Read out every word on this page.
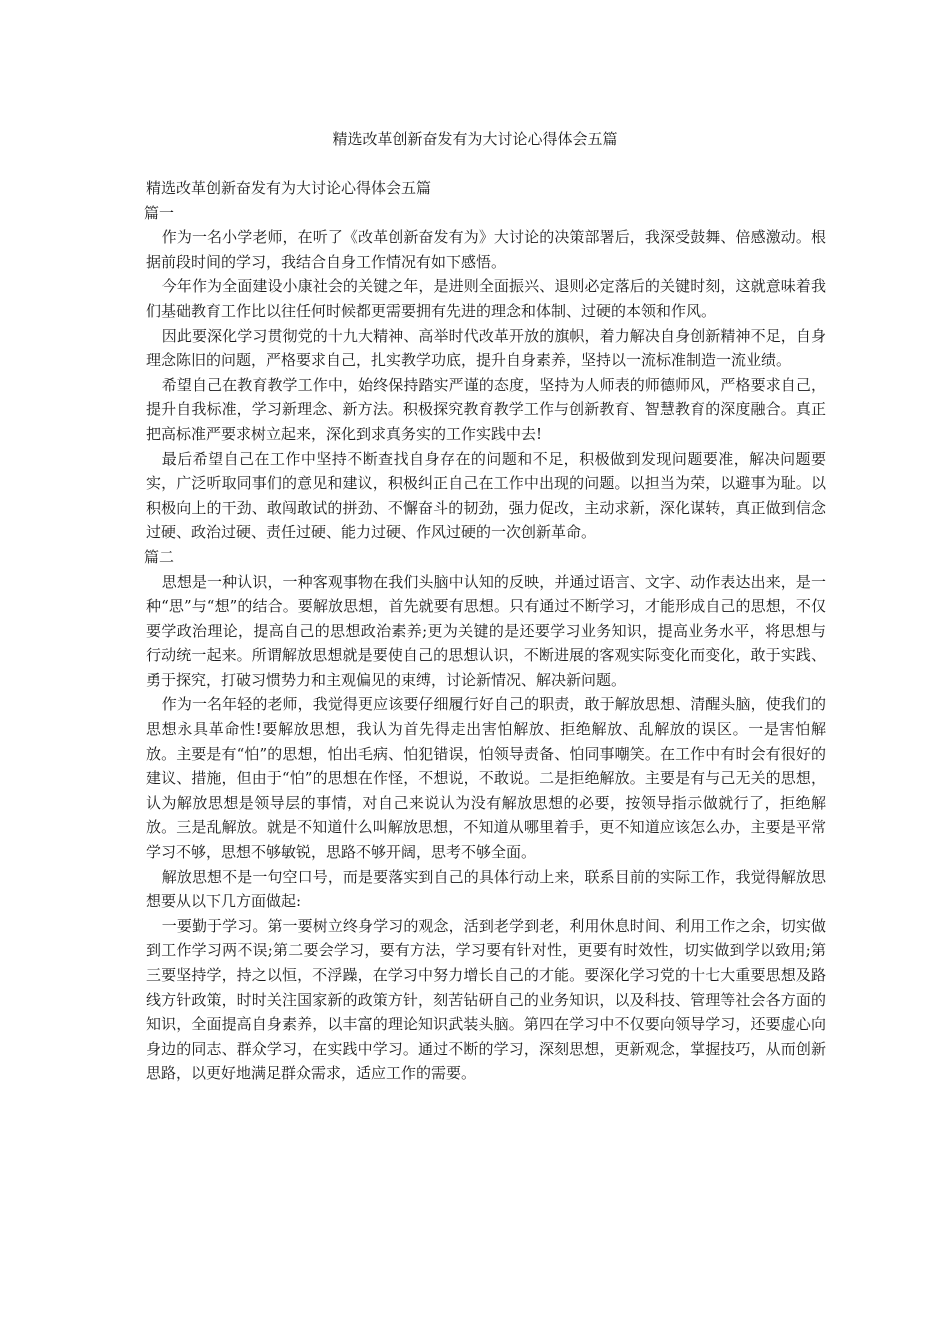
精选改革创新奋发有为大讨论心得体会五篇

精选改革创新奋发有为大讨论心得体会五篇

篇一

作为一名小学老师，在听了《改革创新奋发有为》大讨论的决策部署后，我深受鼓舞、倍感激动。根据前段时间的学习，我结合自身工作情况有如下感悟。

今年作为全面建设小康社会的关键之年，是进则全面振兴、退则必定落后的关键时刻，这就意味着我们基础教育工作比以往任何时候都更需要拥有先进的理念和体制、过硬的本领和作风。

因此要深化学习贯彻党的十九大精神、高举时代改革开放的旗帜，着力解决自身创新精神不足，自身理念陈旧的问题，严格要求自己，扎实教学功底，提升自身素养，坚持以一流标准制造一流业绩。

希望自己在教育教学工作中，始终保持踏实严谨的态度，坚持为人师表的师德师风，严格要求自己，提升自我标准，学习新理念、新方法。积极探究教育教学工作与创新教育、智慧教育的深度融合。真正把高标准严要求树立起来，深化到求真务实的工作实践中去!

最后希望自己在工作中坚持不断查找自身存在的问题和不足，积极做到发现问题要准，解决问题要实，广泛听取同事们的意见和建议，积极纠正自己在工作中出现的问题。以担当为荣，以避事为耻。以积极向上的干劲、敢闯敢试的拼劲、不懈奋斗的韧劲，强力促改，主动求新，深化谋转，真正做到信念过硬、政治过硬、责任过硬、能力过硬、作风过硬的一次创新革命。

篇二

思想是一种认识，一种客观事物在我们头脑中认知的反映，并通过语言、文字、动作表达出来，是一种“思”与“想”的结合。要解放思想，首先就要有思想。只有通过不断学习，才能形成自己的思想，不仅要学政治理论，提高自己的思想政治素养;更为关键的是还要学习业务知识，提高业务水平，将思想与行动统一起来。所谓解放思想就是要使自己的思想认识，不断进展的客观实际变化而变化，敢于实践、勇于探究，打破习惯势力和主观偏见的束缚，讨论新情况、解决新问题。

作为一名年轻的老师，我觉得更应该要仔细履行好自己的职责，敢于解放思想、清醒头脑，使我们的思想永具革命性!要解放思想，我认为首先得走出害怕解放、拒绝解放、乱解放的误区。一是害怕解放。主要是有“怕”的思想，怕出毛病、怕犯错误，怕领导责备、怕同事嘲笑。在工作中有时会有很好的建议、措施，但由于“怕”的思想在作怪，不想说，不敢说。二是拒绝解放。主要是有与己无关的思想，认为解放思想是领导层的事情，对自己来说认为没有解放思想的必要，按领导指示做就行了，拒绝解放。三是乱解放。就是不知道什么叫解放思想，不知道从哪里着手，更不知道应该怎么办，主要是平常学习不够，思想不够敏锐，思路不够开阔，思考不够全面。

解放思想不是一句空口号，而是要落实到自己的具体行动上来，联系目前的实际工作，我觉得解放思想要从以下几方面做起:

一要勤于学习。第一要树立终身学习的观念，活到老学到老，利用休息时间、利用工作之余，切实做到工作学习两不误;第二要会学习，要有方法，学习要有针对性，更要有时效性，切实做到学以致用;第三要坚持学，持之以恒，不浮躁，在学习中努力增长自己的才能。要深化学习党的十七大重要思想及路线方针政策，时时关注国家新的政策方针，刻苦钻研自己的业务知识，以及科技、管理等社会各方面的知识，全面提高自身素养，以丰富的理论知识武装头脑。第四在学习中不仅要向领导学习，还要虚心向身边的同志、群众学习，在实践中学习。通过不断的学习，深刻思想，更新观念，掌握技巧，从而创新思路，以更好地满足群众需求，适应工作的需要。
